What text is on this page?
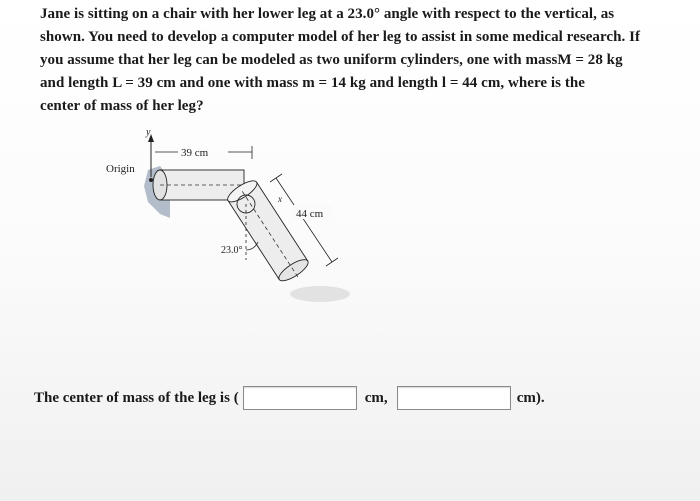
Jane is sitting on a chair with her lower leg at a 23.0° angle with respect to the vertical, as
shown. You need to develop a computer model of her leg to assist in some medical research. If
you assume that her leg can be modeled as two uniform cylinders, one with massM = 28 kg
and length L = 39 cm and one with mass m = 14 kg and length l = 44 cm, where is the
center of mass of her leg?

y
Origin
39 cm
23.0°
44 cm
x
The center of mass of the leg is (	cm,	cm).
